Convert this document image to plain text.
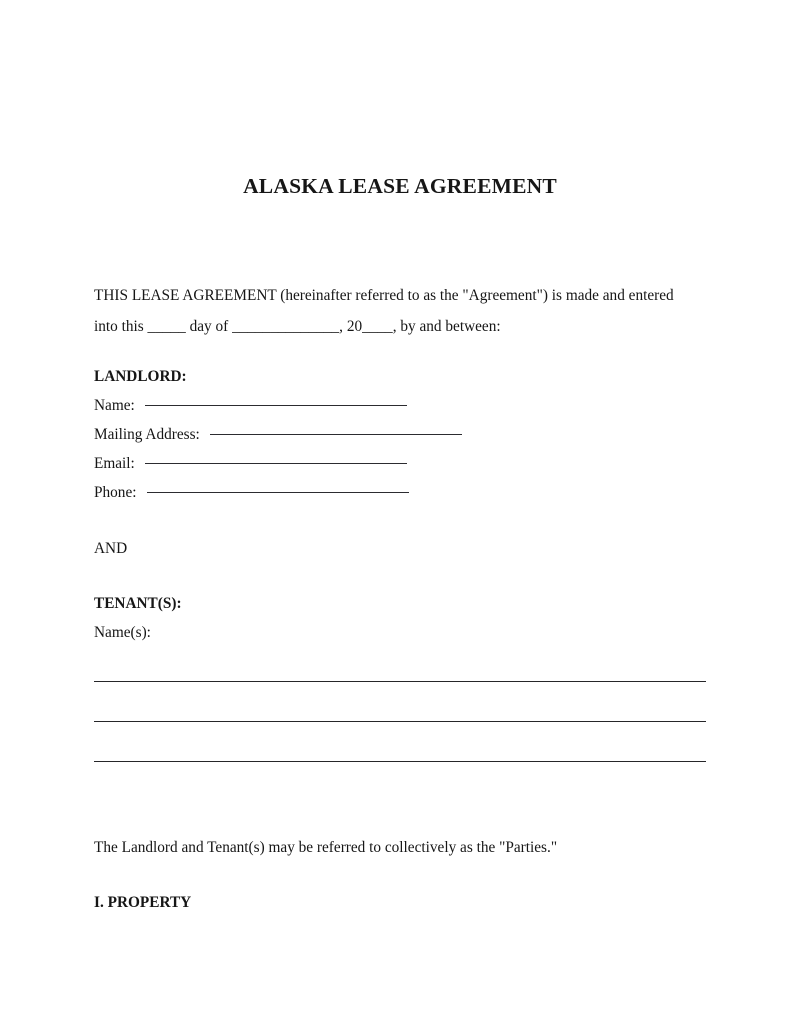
ALASKA LEASE AGREEMENT

THIS LEASE AGREEMENT (hereinafter referred to as the "Agreement") is made and entered

into this _____ day of ______________, 20____, by and between:

LANDLORD:
Name:
Mailing Address:
Email:
Phone:
AND
TENANT(S):
Name(s):
The Landlord and Tenant(s) may be referred to collectively as the "Parties."
I. PROPERTY
